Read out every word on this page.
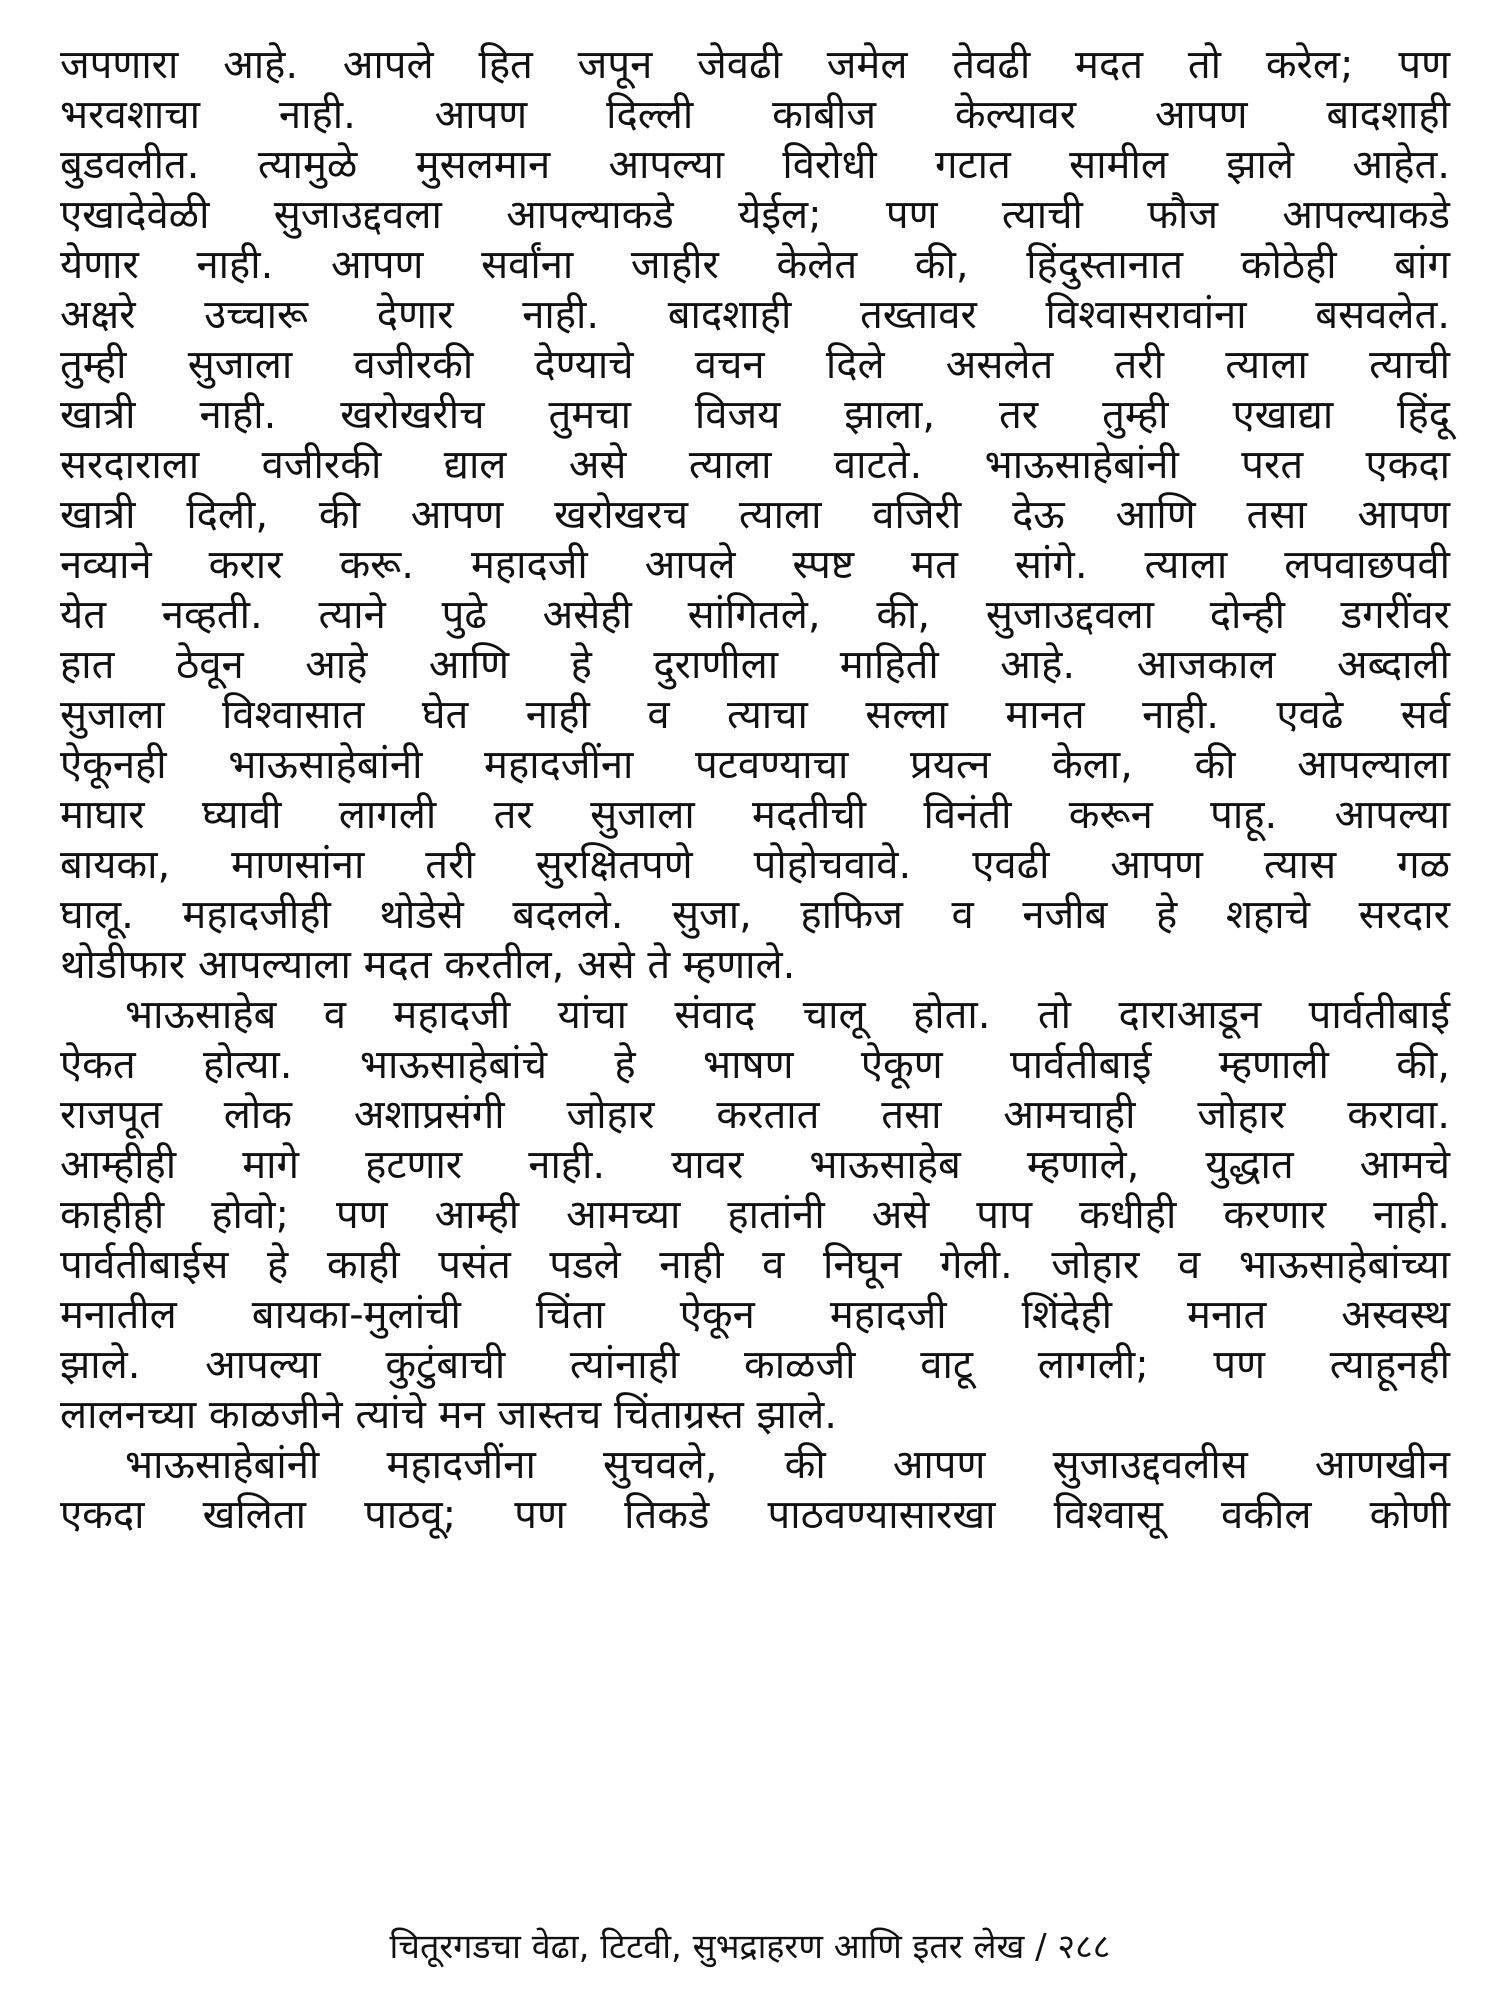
जपणारा आहे. आपले हित जपून जेवढी जमेल तेवढी मदत तो करेल; पण
भरवशाचा नाही. आपण दिल्ली काबीज केल्यावर आपण बादशाही
बुडवलीत. त्यामुळे मुसलमान आपल्या विरोधी गटात सामील झाले आहेत.
एखादेवेळी सुजाउद्दवला आपल्याकडे येईल; पण त्याची फौज आपल्याकडे
येणार नाही. आपण सर्वांना जाहीर केलेत की, हिंदुस्तानात कोठेही बांग
अक्षरे उच्चारू देणार नाही. बादशाही तख्तावर विश्वासरावांना बसवलेत.
तुम्ही सुजाला वजीरकी देण्याचे वचन दिले असलेत तरी त्याला त्याची
खात्री नाही. खरोखरीच तुमचा विजय झाला, तर तुम्ही एखाद्या हिंदू
सरदाराला वजीरकी द्याल असे त्याला वाटते. भाऊसाहेबांनी परत एकदा
खात्री दिली, की आपण खरोखरच त्याला वजिरी देऊ आणि तसा आपण
नव्याने करार करू. महादजी आपले स्पष्ट मत सांगे. त्याला लपवाछपवी
येत नव्हती. त्याने पुढे असेही सांगितले, की, सुजाउद्दवला दोन्ही डगरींवर
हात ठेवून आहे आणि हे दुराणीला माहिती आहे. आजकाल अब्दाली
सुजाला विश्वासात घेत नाही व त्याचा सल्ला मानत नाही. एवढे सर्व
ऐकूनही भाऊसाहेबांनी महादजींना पटवण्याचा प्रयत्न केला, की आपल्याला
माघार घ्यावी लागली तर सुजाला मदतीची विनंती करून पाहू. आपल्या
बायका, माणसांना तरी सुरक्षितपणे पोहोचवावे. एवढी आपण त्यास गळ
घालू. महादजीही थोडेसे बदलले. सुजा, हाफिज व नजीब हे शहाचे सरदार
थोडीफार आपल्याला मदत करतील, असे ते म्हणाले.
भाऊसाहेब व महादजी यांचा संवाद चालू होता. तो दाराआडून पार्वतीबाई
ऐकत होत्या. भाऊसाहेबांचे हे भाषण ऐकूण पार्वतीबाई म्हणाली की,
राजपूत लोक अशाप्रसंगी जोहार करतात तसा आमचाही जोहार करावा.
आम्हीही मागे हटणार नाही. यावर भाऊसाहेब म्हणाले, युद्धात आमचे
काहीही होवो; पण आम्ही आमच्या हातांनी असे पाप कधीही करणार नाही.
पार्वतीबाईस हे काही पसंत पडले नाही व निघून गेली. जोहार व भाऊसाहेबांच्या
मनातील बायका-मुलांची चिंता ऐकून महादजी शिंदेही मनात अस्वस्थ
झाले. आपल्या कुटुंबाची त्यांनाही काळजी वाटू लागली; पण त्याहूनही
लालनच्या काळजीने त्यांचे मन जास्तच चिंताग्रस्त झाले.
भाऊसाहेबांनी महादजींना सुचवले, की आपण सुजाउद्दवलीस आणखीन
एकदा खलिता पाठवू; पण तिकडे पाठवण्यासारखा विश्वासू वकील कोणी
चितूरगडचा वेढा, टिटवी, सुभद्राहरण आणि इतर लेख / २८८
